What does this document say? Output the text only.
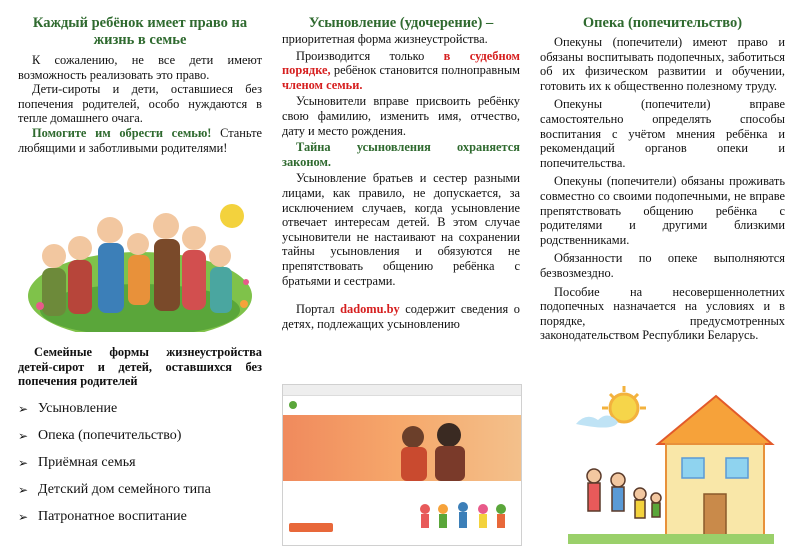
Каждый ребёнок имеет право на жизнь в семье

К сожалению, не все дети имеют возможность реализовать это право.

Дети-сироты и дети, оставшиеся без попечения родителей, особо нуждаются в тепле домашнего очага.

Помогите им обрести семью! Станьте любящими и заботливыми родителями!

Семейные формы жизнеустройства детей-сирот и детей, оставшихся без попечения родителей

➢ Усыновление
➢ Опека (попечительство)
➢ Приёмная семья
➢ Детский дом семейного типа
➢ Патронатное воспитание
Усыновление (удочерение) –

приоритетная форма жизнеустройства.

Производится только в судебном порядке, ребёнок становится полноправным членом семьи.

Усыновители вправе присвоить ребёнку свою фамилию, изменить имя, отчество, дату и место рождения.

Тайна усыновления охраняется законом.

Усыновление братьев и сестер разными лицами, как правило, не допускается, за исключением случаев, когда усыновление отвечает интересам детей. В этом случае усыновители не настаивают на сохранении тайны усыновления и обязуются не препятствовать общению ребёнка с братьями и сестрами.

Портал dadomu.by содержит сведения о детях, подлежащих усыновлению

Опека (попечительство)

Опекуны (попечители) имеют право и обязаны воспитывать подопечных, заботиться об их физическом развитии и обучении, готовить их к общественно полезному труду.

Опекуны (попечители) вправе самостоятельно определять способы воспитания с учётом мнения ребёнка и рекомендаций органов опеки и попечительства.

Опекуны (попечители) обязаны проживать совместно со своими подопечными, не вправе препятствовать общению ребёнка с родителями и другими близкими родственниками.

Обязанности по опеке выполняются безвозмездно.

Пособие на несовершеннолетних подопечных назначается на условиях и в порядке, предусмотренных законодательством Республики Беларусь.
